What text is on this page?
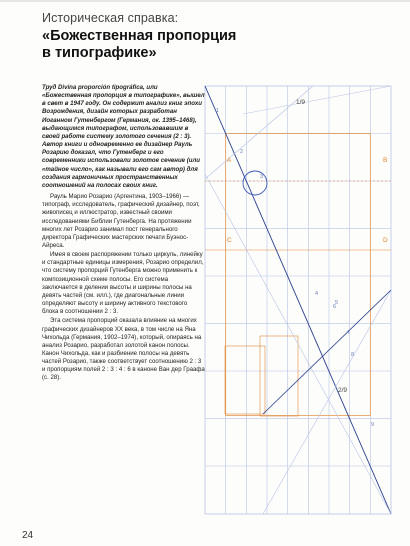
Историческая справка:
«Божественная пропорция
в типографике»

Труд Divina proporción tipográfica, или «Божественная пропорция в типографике», вышел в свет в 1947 году. Он содержит анализ книг эпохи Возрождения, дизайн которых разработан Иоганном Гутенбергом (Германия, ок. 1395–1468), выдающимся типографом, использовавшим в своей работе систему золотого сечения (2 : 3). Автор книги и одновременно ее дизайнер Рауль Розарию доказал, что Гутенберг и его современники использовали золотое сечение (или «тайное число», как называли его сам автор) для создания гармоничных пространственных соотношений на полосах своих книг.

Рауль Марио Розарио (Аргентина, 1903–1966) — типограф, исследователь, графический дизайнер, поэт, живописец и иллюстратор, известный своими исследованиями Библии Гутенберга. На протяжении многих лет Розарио занимал пост генерального директора Графических мастерских печати Буэнос-Айреса.

Имея в своем распоряжении только циркуль, линейку и стандартные единицы измерения, Розарио определил, что систему пропорций Гутенберга можно применить к композиционной схеме полосы. Его система заключается в делении высоты и ширины полосы на девять частей (см. илл.), где диагональные линии определяют высоту и ширину активного текстового блока в соотношении 2 : 3.

Эта система пропорций оказала влияние на многих графических дизайнеров XX века, в том числе на Яна Чихольда (Германия, 1902–1974), который, опираясь на анализ Розарио, разработал золотой канон полосы. Канон Чихольда, как и разбиение полосы на девять частей Розарио, также соответствует соотношению 2 : 3 и пропорциям полей 2 : 3 : 4 : 6 в каноне Ван дер Граафа (с. 28).

1/9
2/9
A	B
C	D
1
2
3
4
5
6
7
8
9
24
